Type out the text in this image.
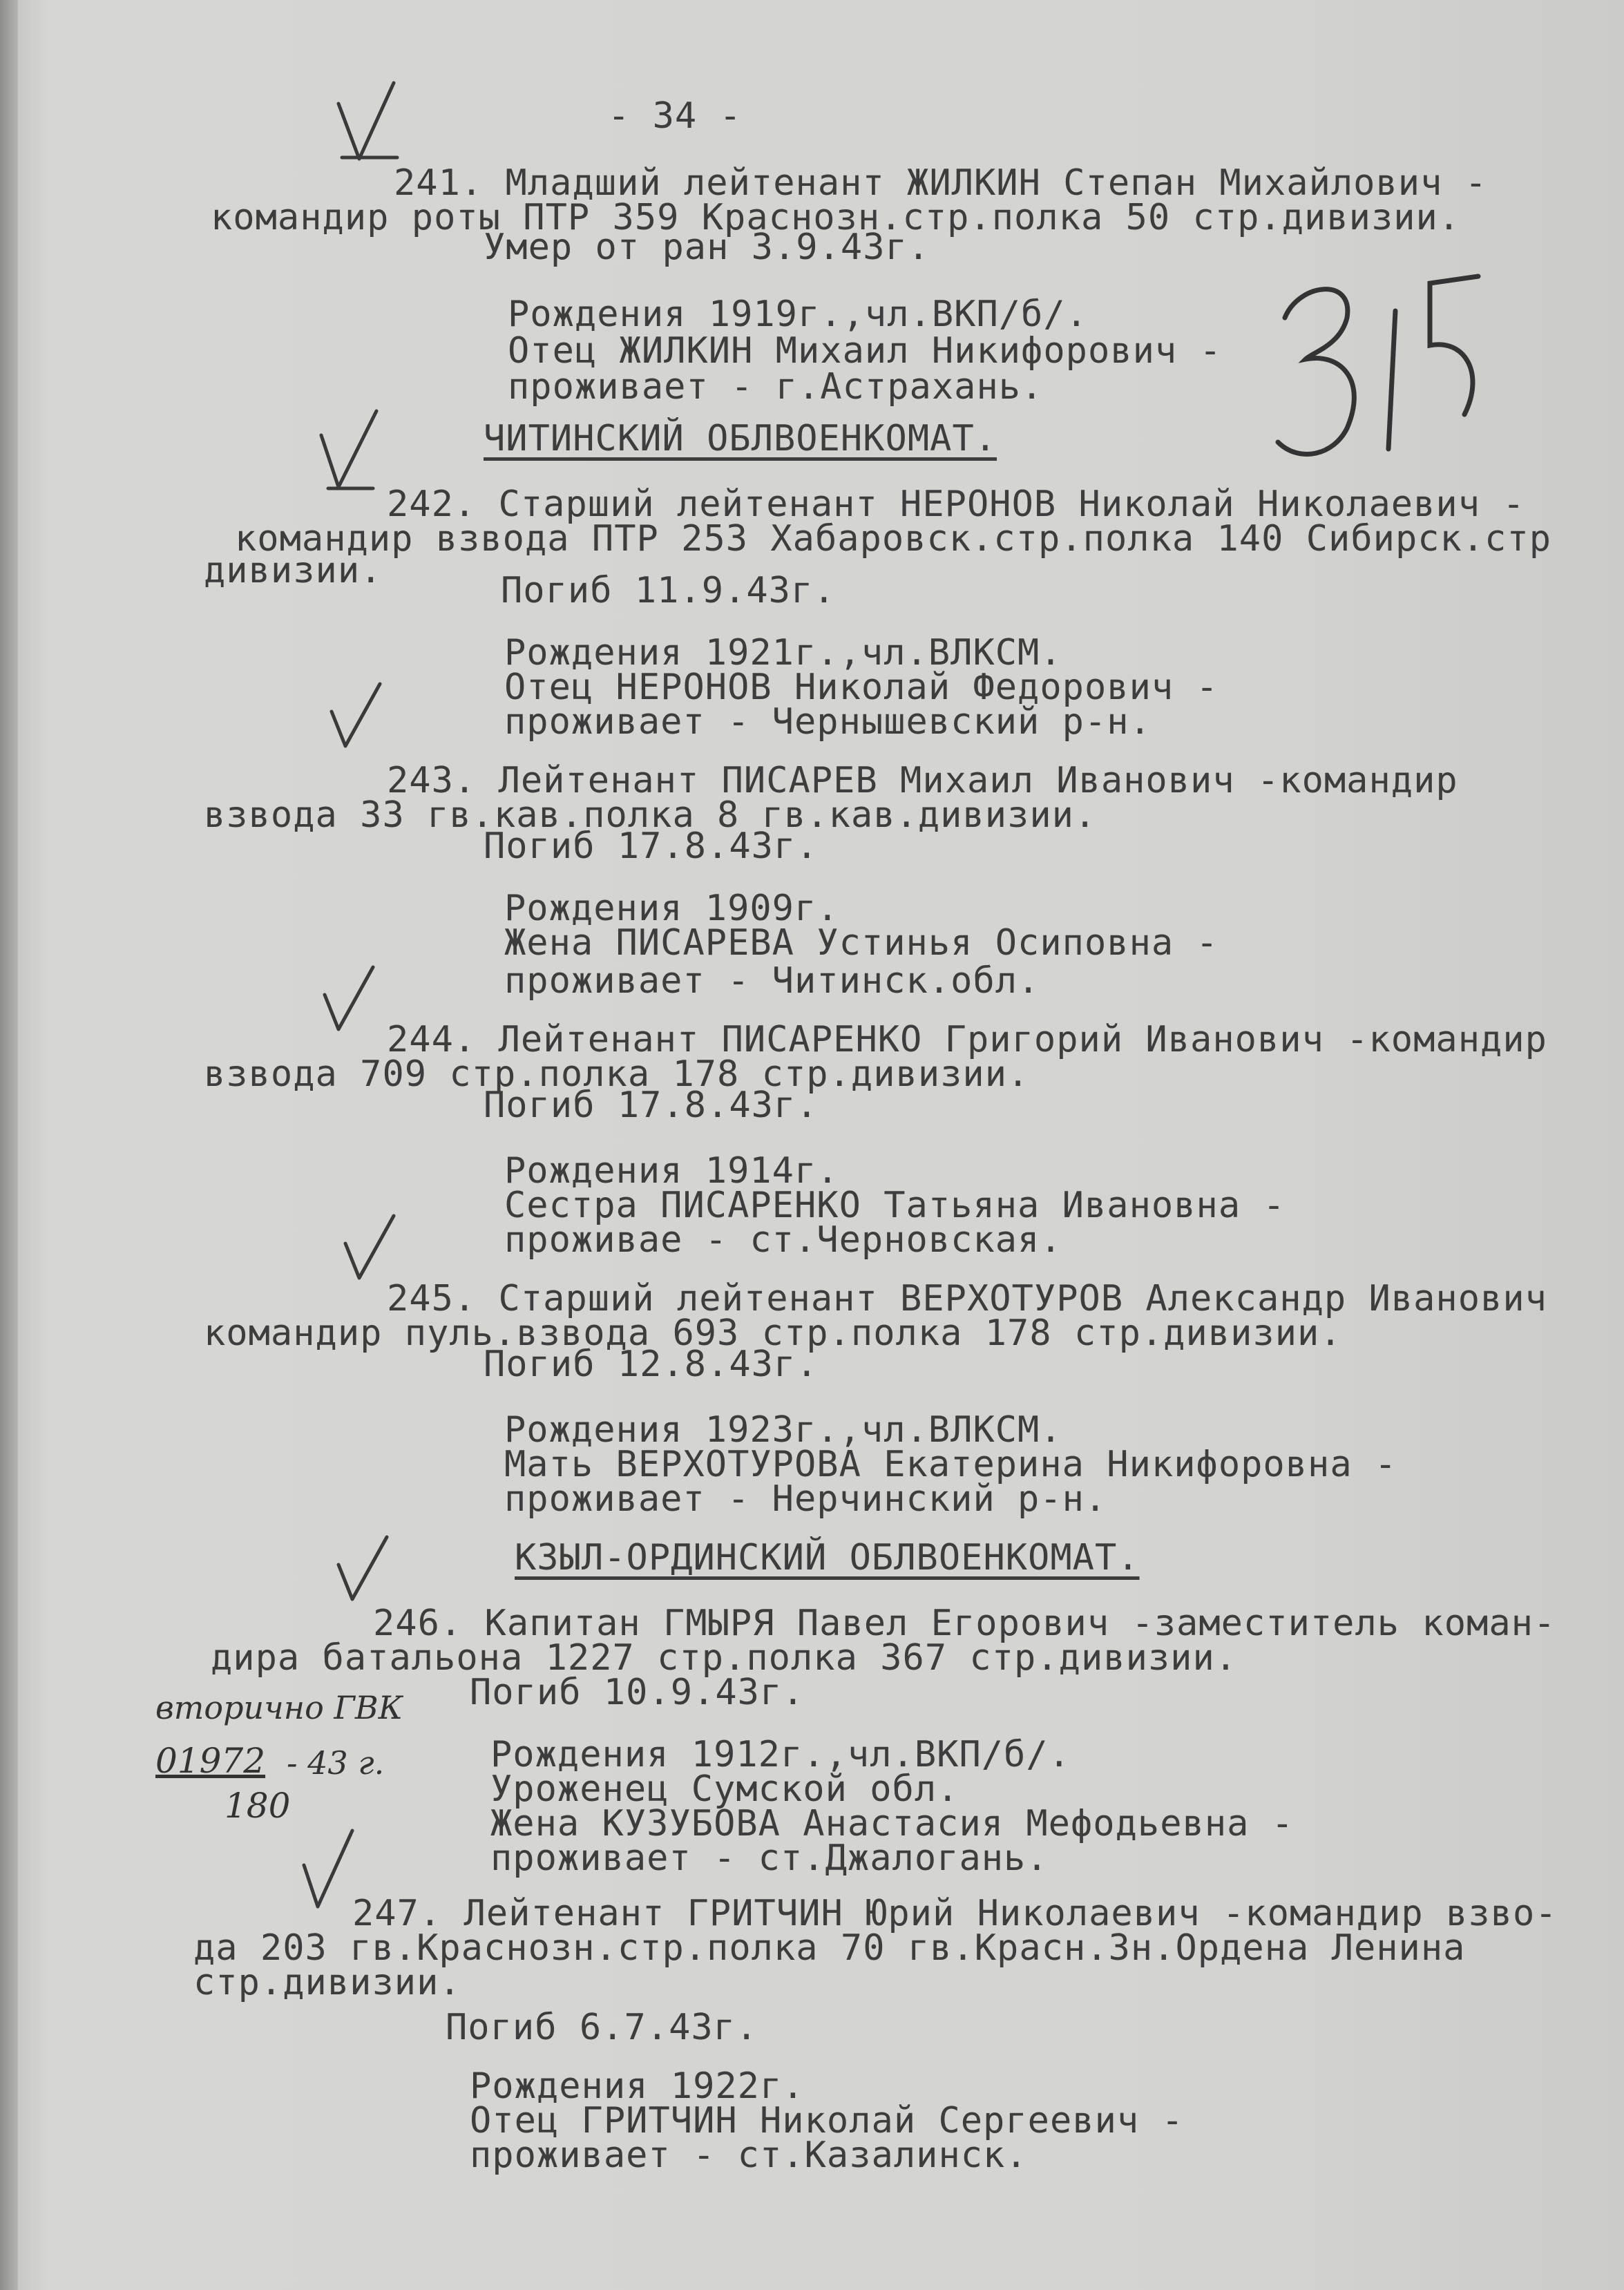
- 34 -
241. Младший лейтенант ЖИЛКИН Степан Михайлович -
командир роты ПТР 359 Краснозн.стр.полка 50 стр.дивизии.
Умер от ран 3.9.43г.
Рождения 1919г.,чл.ВКП/б/.
Отец ЖИЛКИН Михаил Никифорович -
проживает - г.Астрахань.
ЧИТИНСКИЙ ОБЛВОЕНКОМАТ.
242. Старший лейтенант НЕРОНОВ Николай Николаевич -
командир взвода ПТР 253 Хабаровск.стр.полка 140 Сибирск.стр
дивизии.	Погиб 11.9.43г.
Рождения 1921г.,чл.ВЛКСМ.
Отец НЕРОНОВ Николай Федорович -
проживает - Чернышевский р-н.
243. Лейтенант ПИСАРЕВ Михаил Иванович -командир
взвода 33 гв.кав.полка 8 гв.кав.дивизии.
Погиб 17.8.43г.
Рождения 1909г.
Жена ПИСАРЕВА Устинья Осиповна -
проживает - Читинск.обл.
244. Лейтенант ПИСАРЕНКО Григорий Иванович -командир
взвода 709 стр.полка 178 стр.дивизии.
Погиб 17.8.43г.
Рождения 1914г.
Сестра ПИСАРЕНКО Татьяна Ивановна -
проживае - ст.Черновская.
245. Старший лейтенант ВЕРХОТУРОВ Александр Иванович
командир пуль.взвода 693 стр.полка 178 стр.дивизии.
Погиб 12.8.43г.
Рождения 1923г.,чл.ВЛКСМ.
Мать ВЕРХОТУРОВА Екатерина Никифоровна -
проживает - Нерчинский р-н.
КЗЫЛ-ОРДИНСКИЙ ОБЛВОЕНКОМАТ.
246. Капитан ГМЫРЯ Павел Егорович -заместитель коман-
дира батальона 1227 стр.полка 367 стр.дивизии.
Погиб 10.9.43г.
Рождения 1912г.,чл.ВКП/б/.
Уроженец Сумской обл.
Жена КУЗУБОВА Анастасия Мефодьевна -
проживает - ст.Джалогань.
вторично ГВК
01972 - 43 г.
180
247. Лейтенант ГРИТЧИН Юрий Николаевич -командир взво-
да 203 гв.Краснозн.стр.полка 70 гв.Красн.Зн.Ордена Ленина
стр.дивизии.
Погиб 6.7.43г.
Рождения 1922г.
Отец ГРИТЧИН Николай Сергеевич -
проживает - ст.Казалинск.
